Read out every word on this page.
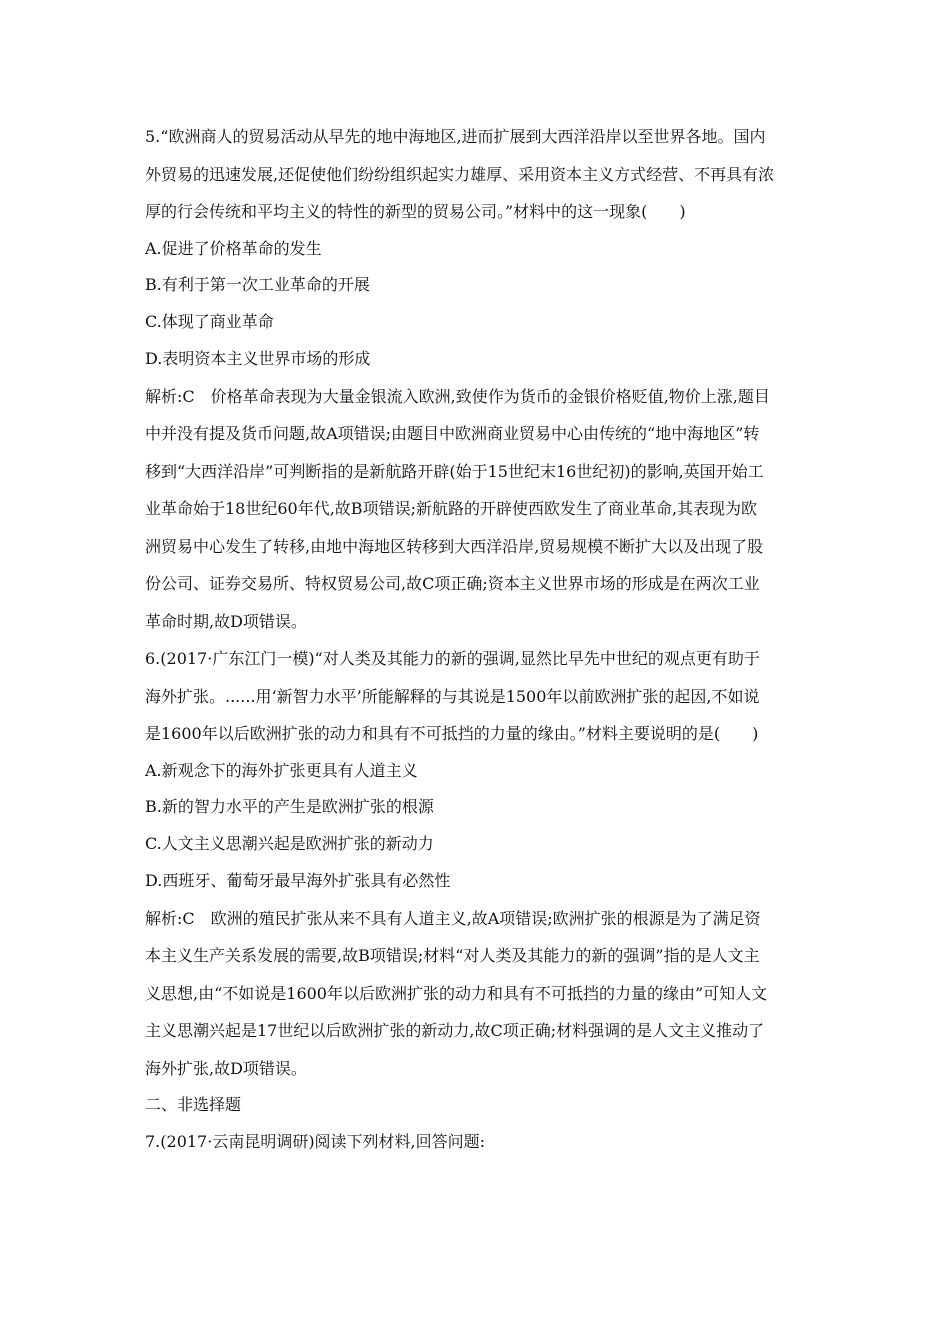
5.“欧洲商人的贸易活动从早先的地中海地区,进而扩展到大西洋沿岸以至世界各地。国内
外贸易的迅速发展,还促使他们纷纷组织起实力雄厚、采用资本主义方式经营、不再具有浓
厚的行会传统和平均主义的特性的新型的贸易公司。”材料中的这一现象(　　)
A.促进了价格革命的发生
B.有利于第一次工业革命的开展
C.体现了商业革命
D.表明资本主义世界市场的形成
解析:C　价格革命表现为大量金银流入欧洲,致使作为货币的金银价格贬值,物价上涨,题目
中并没有提及货币问题,故A项错误;由题目中欧洲商业贸易中心由传统的“地中海地区”转
移到“大西洋沿岸”可判断指的是新航路开辟(始于15世纪末16世纪初)的影响,英国开始工
业革命始于18世纪60年代,故B项错误;新航路的开辟使西欧发生了商业革命,其表现为欧
洲贸易中心发生了转移,由地中海地区转移到大西洋沿岸,贸易规模不断扩大以及出现了股
份公司、证券交易所、特权贸易公司,故C项正确;资本主义世界市场的形成是在两次工业
革命时期,故D项错误。
6.(2017·广东江门一模)“对人类及其能力的新的强调,显然比早先中世纪的观点更有助于
海外扩张。......用‘新智力水平’所能解释的与其说是1500年以前欧洲扩张的起因,不如说
是1600年以后欧洲扩张的动力和具有不可抵挡的力量的缘由。”材料主要说明的是(　　)
A.新观念下的海外扩张更具有人道主义
B.新的智力水平的产生是欧洲扩张的根源
C.人文主义思潮兴起是欧洲扩张的新动力
D.西班牙、葡萄牙最早海外扩张具有必然性
解析:C　欧洲的殖民扩张从来不具有人道主义,故A项错误;欧洲扩张的根源是为了满足资
本主义生产关系发展的需要,故B项错误;材料“对人类及其能力的新的强调”指的是人文主
义思想,由“不如说是1600年以后欧洲扩张的动力和具有不可抵挡的力量的缘由”可知人文
主义思潮兴起是17世纪以后欧洲扩张的新动力,故C项正确;材料强调的是人文主义推动了
海外扩张,故D项错误。
二、非选择题
7.(2017·云南昆明调研)阅读下列材料,回答问题:
